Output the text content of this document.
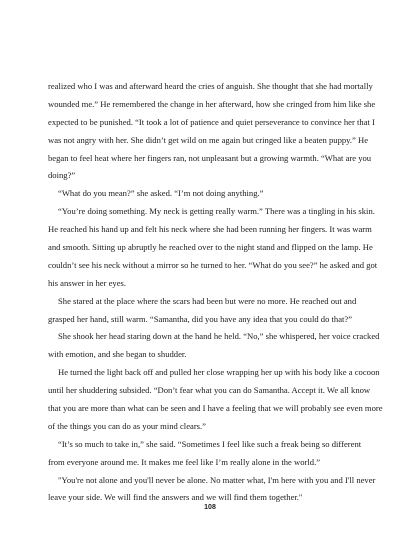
realized who I was and afterward heard the cries of anguish. She thought that she had mortally
wounded me.” He remembered the change in her afterward, how she cringed from him like she
expected to be punished. “It took a lot of patience and quiet perseverance to convince her that I
was not angry with her. She didn’t get wild on me again but cringed like a beaten puppy.” He
began to feel heat where her fingers ran, not unpleasant but a growing warmth. “What are you
doing?”
“What do you mean?” she asked. “I’m not doing anything.”
“You’re doing something. My neck is getting really warm.” There was a tingling in his skin.
He reached his hand up and felt his neck where she had been running her fingers. It was warm
and smooth. Sitting up abruptly he reached over to the night stand and flipped on the lamp. He
couldn’t see his neck without a mirror so he turned to her. “What do you see?” he asked and got
his answer in her eyes.
She stared at the place where the scars had been but were no more. He reached out and
grasped her hand, still warm. “Samantha, did you have any idea that you could do that?”
She shook her head staring down at the hand he held. “No,” she whispered, her voice cracked
with emotion, and she began to shudder.
He turned the light back off and pulled her close wrapping her up with his body like a cocoon
until her shuddering subsided. “Don’t fear what you can do Samantha. Accept it. We all know
that you are more than what can be seen and I have a feeling that we will probably see even more
of the things you can do as your mind clears.”
“It’s so much to take in,” she said. “Sometimes I feel like such a freak being so different
from everyone around me. It makes me feel like I’m really alone in the world.”
"You're not alone and you'll never be alone. No matter what, I'm here with you and I'll never
leave your side. We will find the answers and we will find them together."
108
